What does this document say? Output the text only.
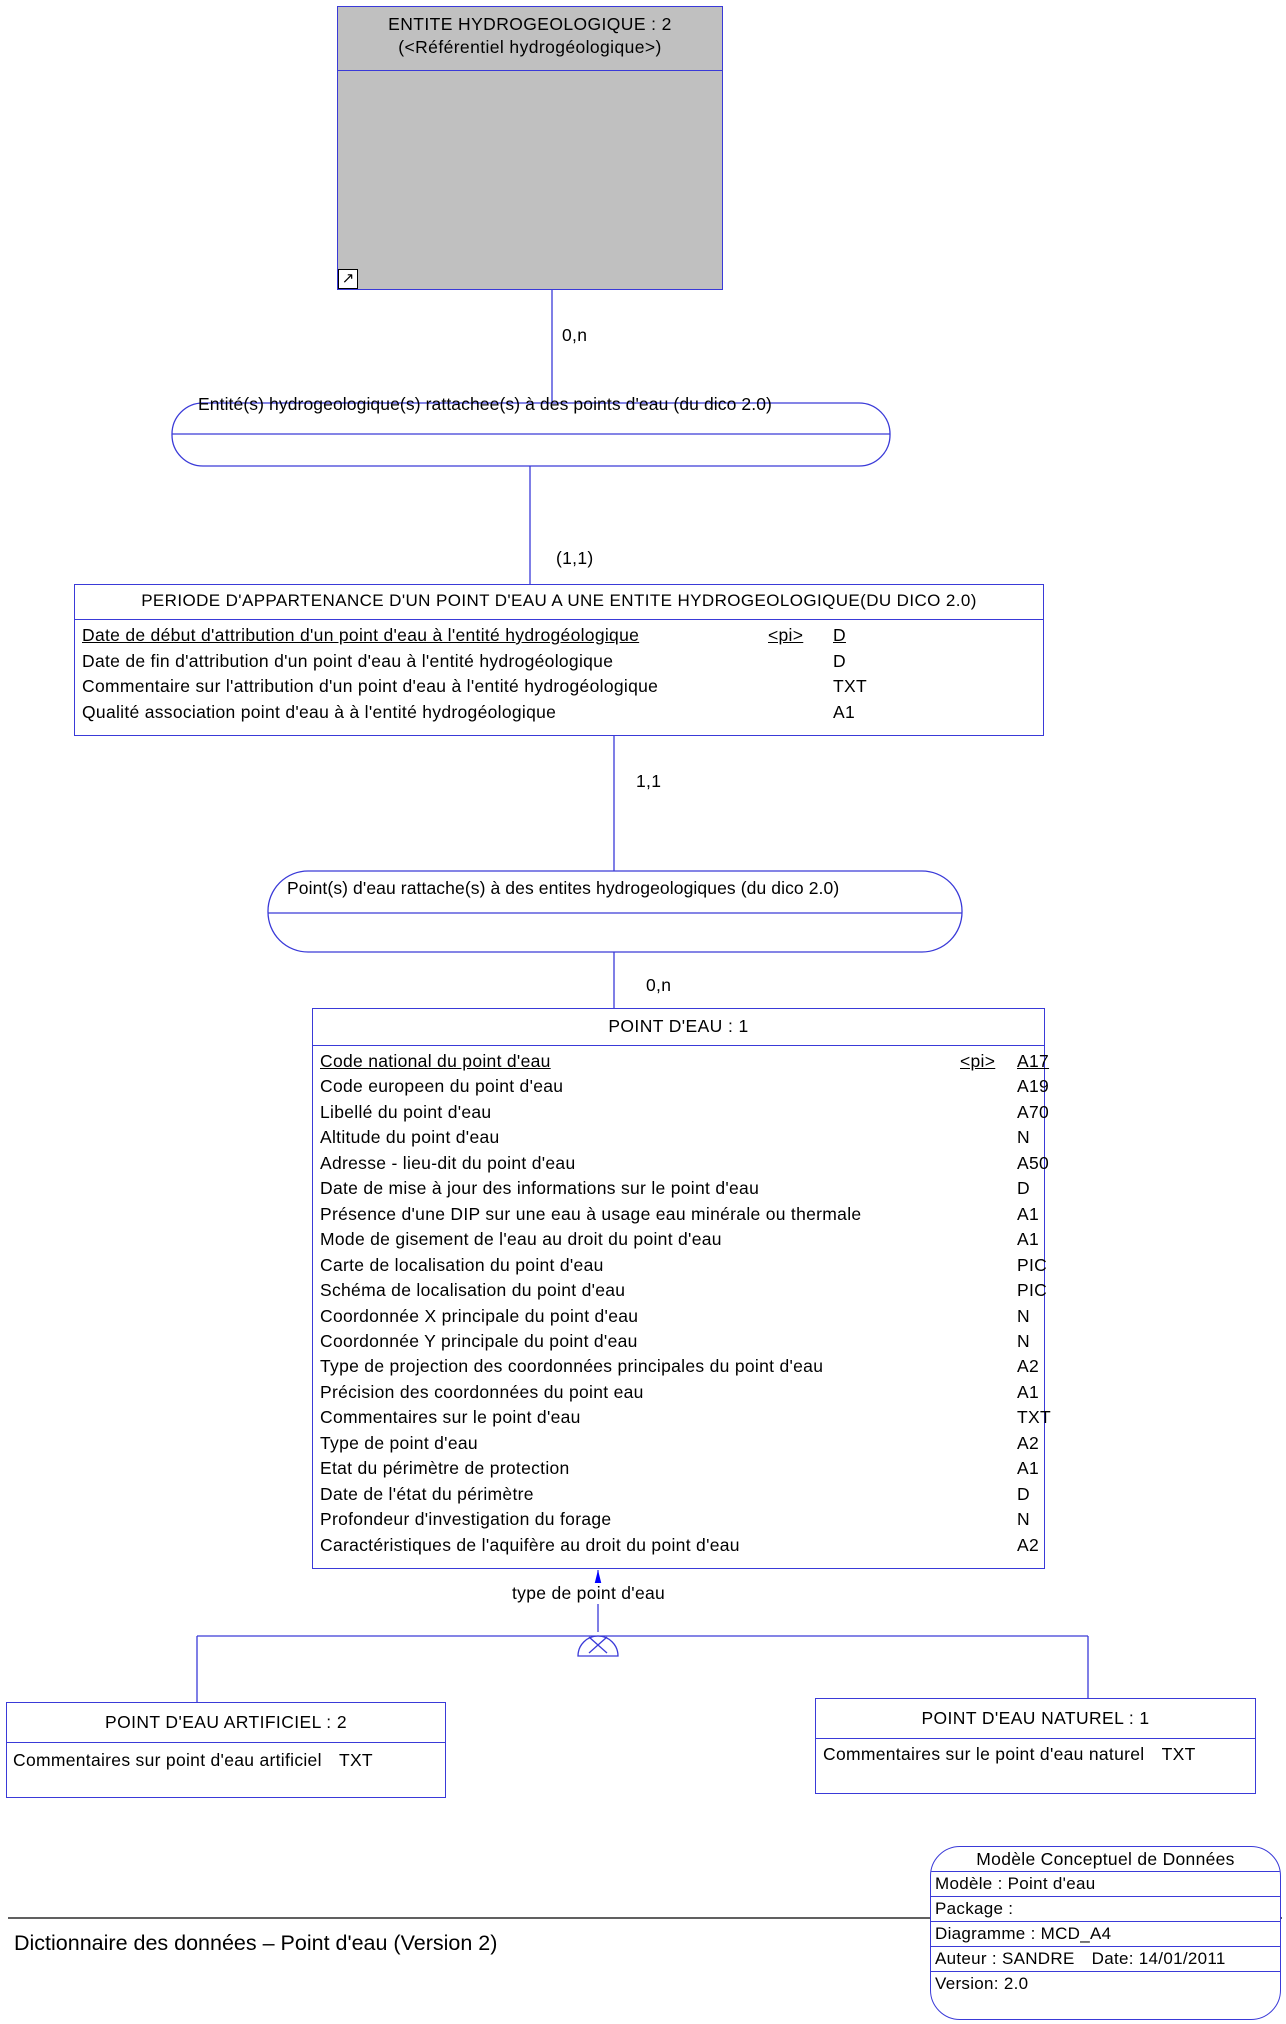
ENTITE HYDROGEOLOGIQUE : 2
(<Référentiel hydrogéologique>)
↗
0,n
Entité(s) hydrogeologique(s) rattachee(s) à des points d'eau (du dico 2.0)
(1,1)
PERIODE D'APPARTENANCE D'UN POINT D'EAU A UNE ENTITE HYDROGEOLOGIQUE(DU DICO 2.0)
Date de début d'attribution d'un point d'eau à l'entité hydrogéologique	<pi> D
Date de fin d'attribution d'un point d'eau à l'entité hydrogéologique	D
Commentaire sur l'attribution d'un point d'eau à l'entité hydrogéologique	TXT
Qualité association point d'eau à à l'entité hydrogéologique	A1
1,1
Point(s) d'eau rattache(s) à des entites hydrogeologiques (du dico 2.0)
0,n
POINT D'EAU : 1
Code national du point d'eau	<pi> A17
Code europeen du point d'eau	A19
Libellé du point d'eau	A70
Altitude du point d'eau	N
Adresse - lieu-dit du point d'eau	A50
Date de mise à jour des informations sur le point d'eau	D
Présence d'une DIP sur une eau à usage eau minérale ou thermale	A1
Mode de gisement de l'eau au droit du point d'eau	A1
Carte de localisation du point d'eau	PIC
Schéma de localisation du point d'eau	PIC
Coordonnée X principale du point d'eau	N
Coordonnée Y principale du point d'eau	N
Type de projection des coordonnées principales du point d'eau	A2
Précision des coordonnées du point eau	A1
Commentaires sur le point d'eau	TXT
Type de point d'eau	A2
Etat du périmètre de protection	A1
Date de l'état du périmètre	D
Profondeur d'investigation du forage	N
Caractéristiques de l'aquifère au droit du point d'eau	A2
type de point d'eau
POINT D'EAU ARTIFICIEL : 2
Commentaires sur point d'eau artificiel TXT
POINT D'EAU NATUREL : 1
Commentaires sur le point d'eau naturel TXT
Dictionnaire des données – Point d'eau (Version 2)
Modèle Conceptuel de Données
Modèle : Point d'eau
Package :
Diagramme : MCD_A4
Auteur : SANDRE Date: 14/01/2011
Version: 2.0
